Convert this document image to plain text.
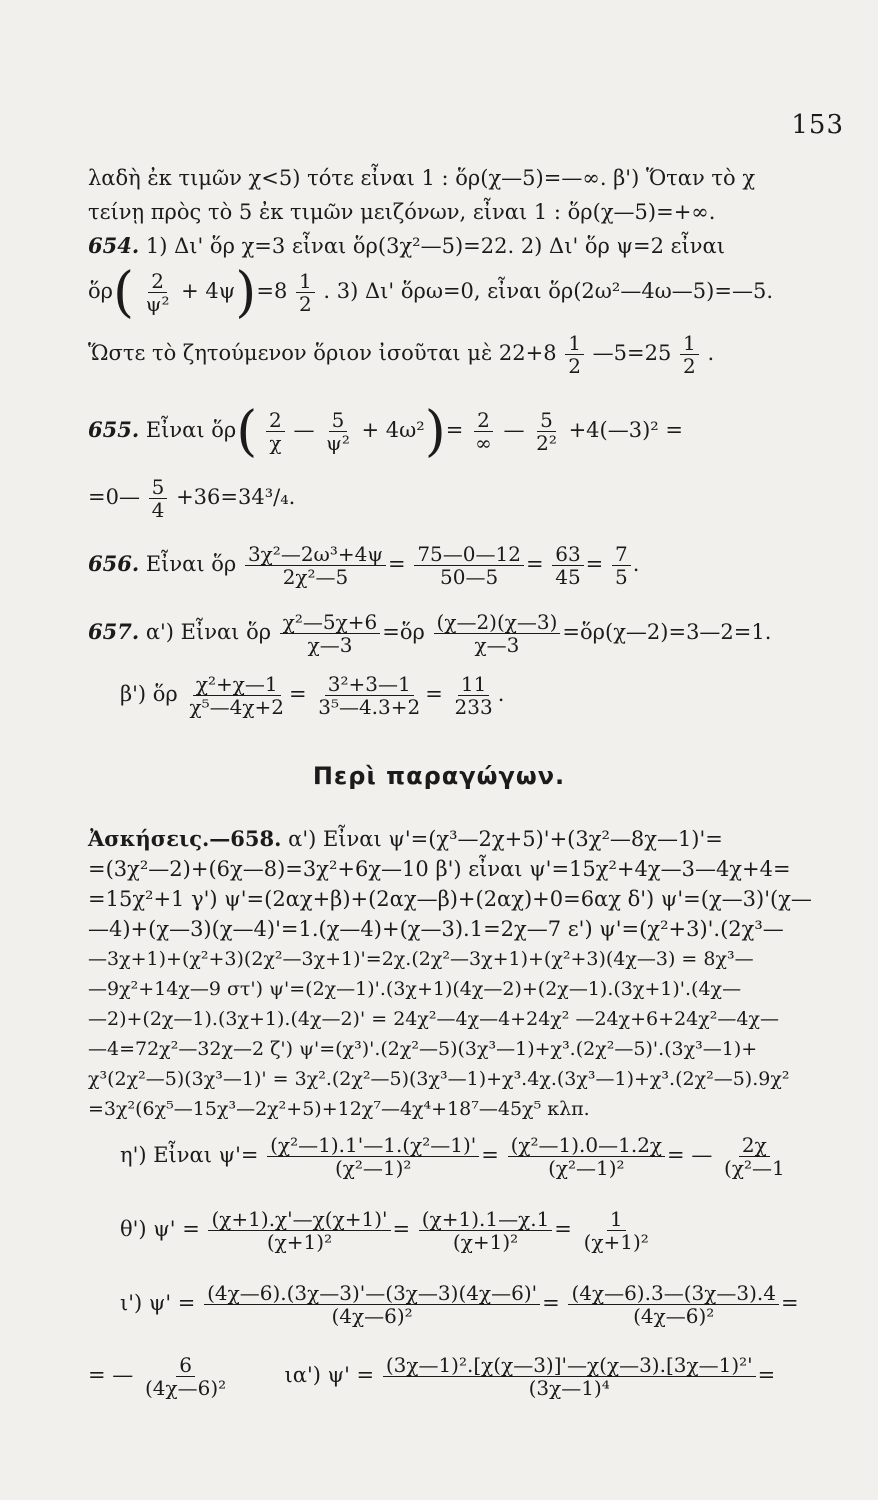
153
λαδὴ ἐκ τιμῶν χ<5) τότε εἶναι 1 : ὅρ(χ—5)=—∞. β') Ὅταν τὸ χ
τείνῃ πρὸς τὸ 5 ἐκ τιμῶν μειζόνων, εἶναι 1 : ὅρ(χ—5)=+∞.
654. 1) Δι' ὅρ χ=3 εἶναι ὅρ(3χ²—5)=22. 2) Δι' ὅρ ψ=2 εἶναι
ὅρ( $\frac{2}{\text{ψ²}} + 4\psi)=8 \frac{1}{2}$ . 3) Δι' ὅρω=0, εἶναι ὅρ(2ω²—4ω—5)=—5.
Ὥστε τὸ ζητούμενον ὅριον ἰσοῦται μὲ $22+8 \frac{1}{2}$ —5=25 $\frac{1}{2}$ .
655. Εἶναι ὅρ( $\frac{2}{\chi}$ — $\frac{5}{\text{ψ²}} + 4\omega^2)= \frac{2}{\infty}$ — $\frac{5}{\text{2²}}$ +4(—3)² =
=0— $\frac{5}{4} +36=34^3/_4$.
656. Εἶναι ὅρ $\frac{\text{3χ²—2ω³+4ψ}}{\text{2χ²—5}} = \frac{75—0—12}{50—5} = \frac{63}{45} = \frac{7}{5}$ .
657. α') Εἶναι ὅρ $\frac{\text{χ²—5χ+6}}{\chi—3}$ =ὅρ $\frac{(\chi—2)(\chi—3)}{\chi—3}$ =ὅρ(χ—2)=3—2=1.
β') ὅρ $\frac{\text{χ²+χ—1}}{\text{χ⁵—4χ+2}} = \frac{\text{3²+3—1}}{\text{3⁵—4.3+2}} = \frac{11}{233}$ .
Περὶ παραγώγων.
Ἀσκήσεις.—658. α') Εἶναι ψ'=(χ³—2χ+5)'+(3χ²—8χ—1)'=
=(3χ²—2)+(6χ—8)=3χ²+6χ—10 β') εἶναι ψ'=15χ²+4χ—3—4χ+4=
=15χ²+1 γ') ψ'=(2αχ+β)+(2αχ—β)+(2αχ)+0=6αχ δ') ψ'=(χ—3)'(χ—
—4)+(χ—3)(χ—4)'=1.(χ—4)+(χ—3).1=2χ—7 ε') ψ'=(χ²+3)'.(2χ³—
—3χ+1)+(χ²+3)(2χ²—3χ+1)'=2χ.(2χ²—3χ+1)+(χ²+3)(4χ—3) = 8χ³—
—9χ²+14χ—9 στ') ψ'=(2χ—1)'.(3χ+1)(4χ—2)+(2χ—1).(3χ+1)'.(4χ—
—2)+(2χ—1).(3χ+1).(4χ—2)' = 24χ²—4χ—4+24χ² —24χ+6+24χ²—4χ—
—4=72χ²—32χ—2 ζ') ψ'=(χ³)'.(2χ²—5)(3χ³—1)+χ³.(2χ²—5)'.(3χ³—1)+
χ³(2χ²—5)(3χ³—1)' = 3χ².(2χ²—5)(3χ³—1)+χ³.4χ.(3χ³—1)+χ³.(2χ²—5).9χ²
=3χ²(6χ⁵—15χ³—2χ²+5)+12χ⁷—4χ⁴+18⁷—45χ⁵ κλπ.
η') Εἶναι $\psi'= \frac{\text{(χ²—1).1'—1.(χ²—1)'}}{\text{(χ²—1)²}} = \frac{\text{(χ²—1).0—1.2χ}}{\text{(χ²—1)²}}$ = — $\frac{2\chi}{\text{(χ²—1}}$
θ') $\psi' = \frac{(\chi+1).\chi'—\chi(\chi+1)'}{\text{(χ+1)²}} = \frac{(\chi+1).1—\chi.1}{\text{(χ+1)²}} = \frac{1}{\text{(χ+1)²}}$
ι') $\psi' = \frac{(4\chi—6).(3\chi—3)'—(3\chi—3)(4\chi—6)'}{\text{(4χ—6)²}} = \frac{(4\chi—6).3—(3\chi—3).4}{\text{(4χ—6)²}}$ =
= — $\frac{6}{\text{(4χ—6)²}}$	ια') $\psi' = \frac{\text{(3χ—1)².[χ(χ—3)]'—χ(χ—3).[3χ—1)²'}}{\text{(3χ—1)⁴}}$ =
